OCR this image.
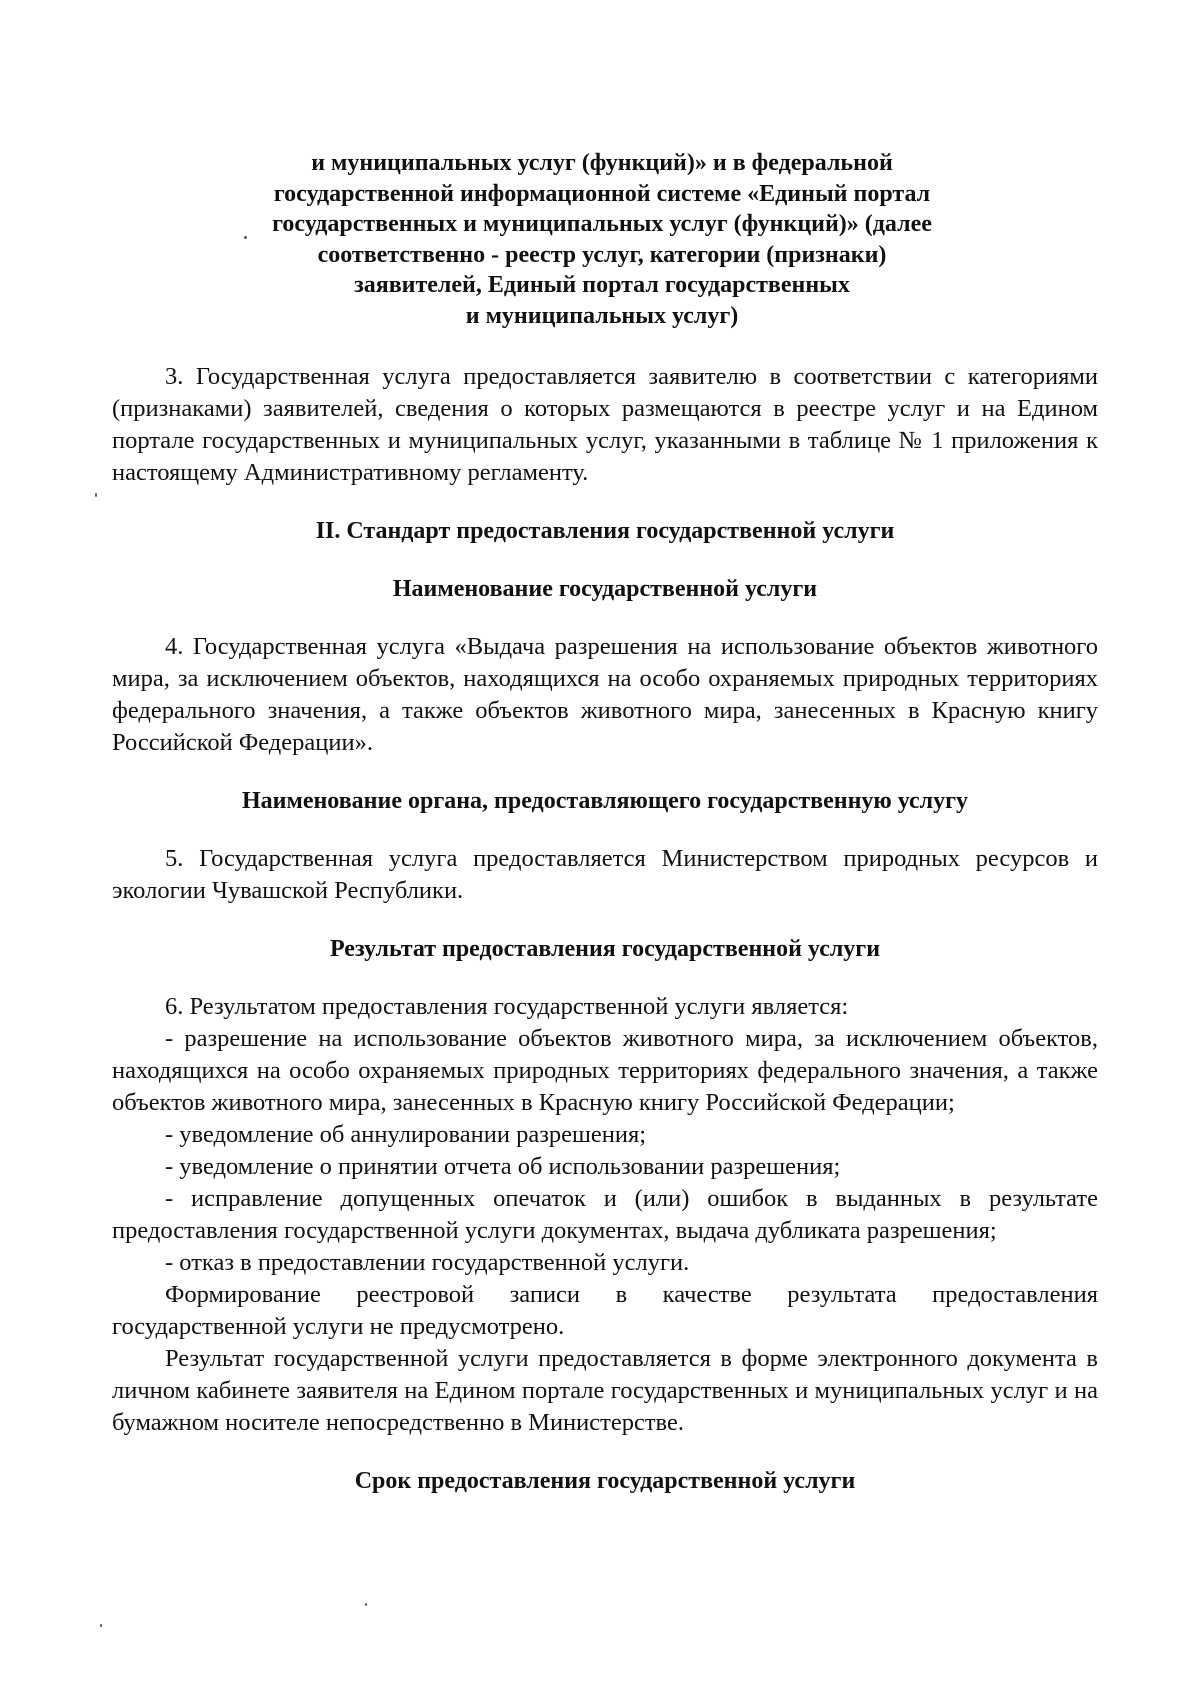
и муниципальных услуг (функций)» и в федеральной
государственной информационной системе «Единый портал
государственных и муниципальных услуг (функций)» (далее
соответственно - реестр услуг, категории (признаки)
заявителей, Единый портал государственных
и муниципальных услуг)

3. Государственная услуга предоставляется заявителю в соответствии с категориями (признаками) заявителей, сведения о которых размещаются в реестре услуг и на Едином портале государственных и муниципальных услуг, указанными в таблице № 1 приложения к настоящему Административному регламенту.

II. Стандарт предоставления государственной услуги
Наименование государственной услуги

4. Государственная услуга «Выдача разрешения на использование объектов животного мира, за исключением объектов, находящихся на особо охраняемых природных территориях федерального значения, а также объектов животного мира, занесенных в Красную книгу Российской Федерации».

Наименование органа, предоставляющего государственную услугу

5. Государственная услуга предоставляется Министерством природных ресурсов и экологии Чувашской Республики.

Результат предоставления государственной услуги

6. Результатом предоставления государственной услуги является:

- разрешение на использование объектов животного мира, за исключением объектов, находящихся на особо охраняемых природных территориях федерального значения, а также объектов животного мира, занесенных в Красную книгу Российской Федерации;
- уведомление об аннулировании разрешения;
- уведомление о принятии отчета об использовании разрешения;
- исправление допущенных опечаток и (или) ошибок в выданных в результате предоставления государственной услуги документах, выдача дубликата разрешения;
- отказ в предоставлении государственной услуги.

Формирование реестровой записи в качестве результата предоставления государственной услуги не предусмотрено.

Результат государственной услуги предоставляется в форме электронного документа в личном кабинете заявителя на Едином портале государственных и муниципальных услуг и на бумажном носителе непосредственно в Министерстве.

Срок предоставления государственной услуги
